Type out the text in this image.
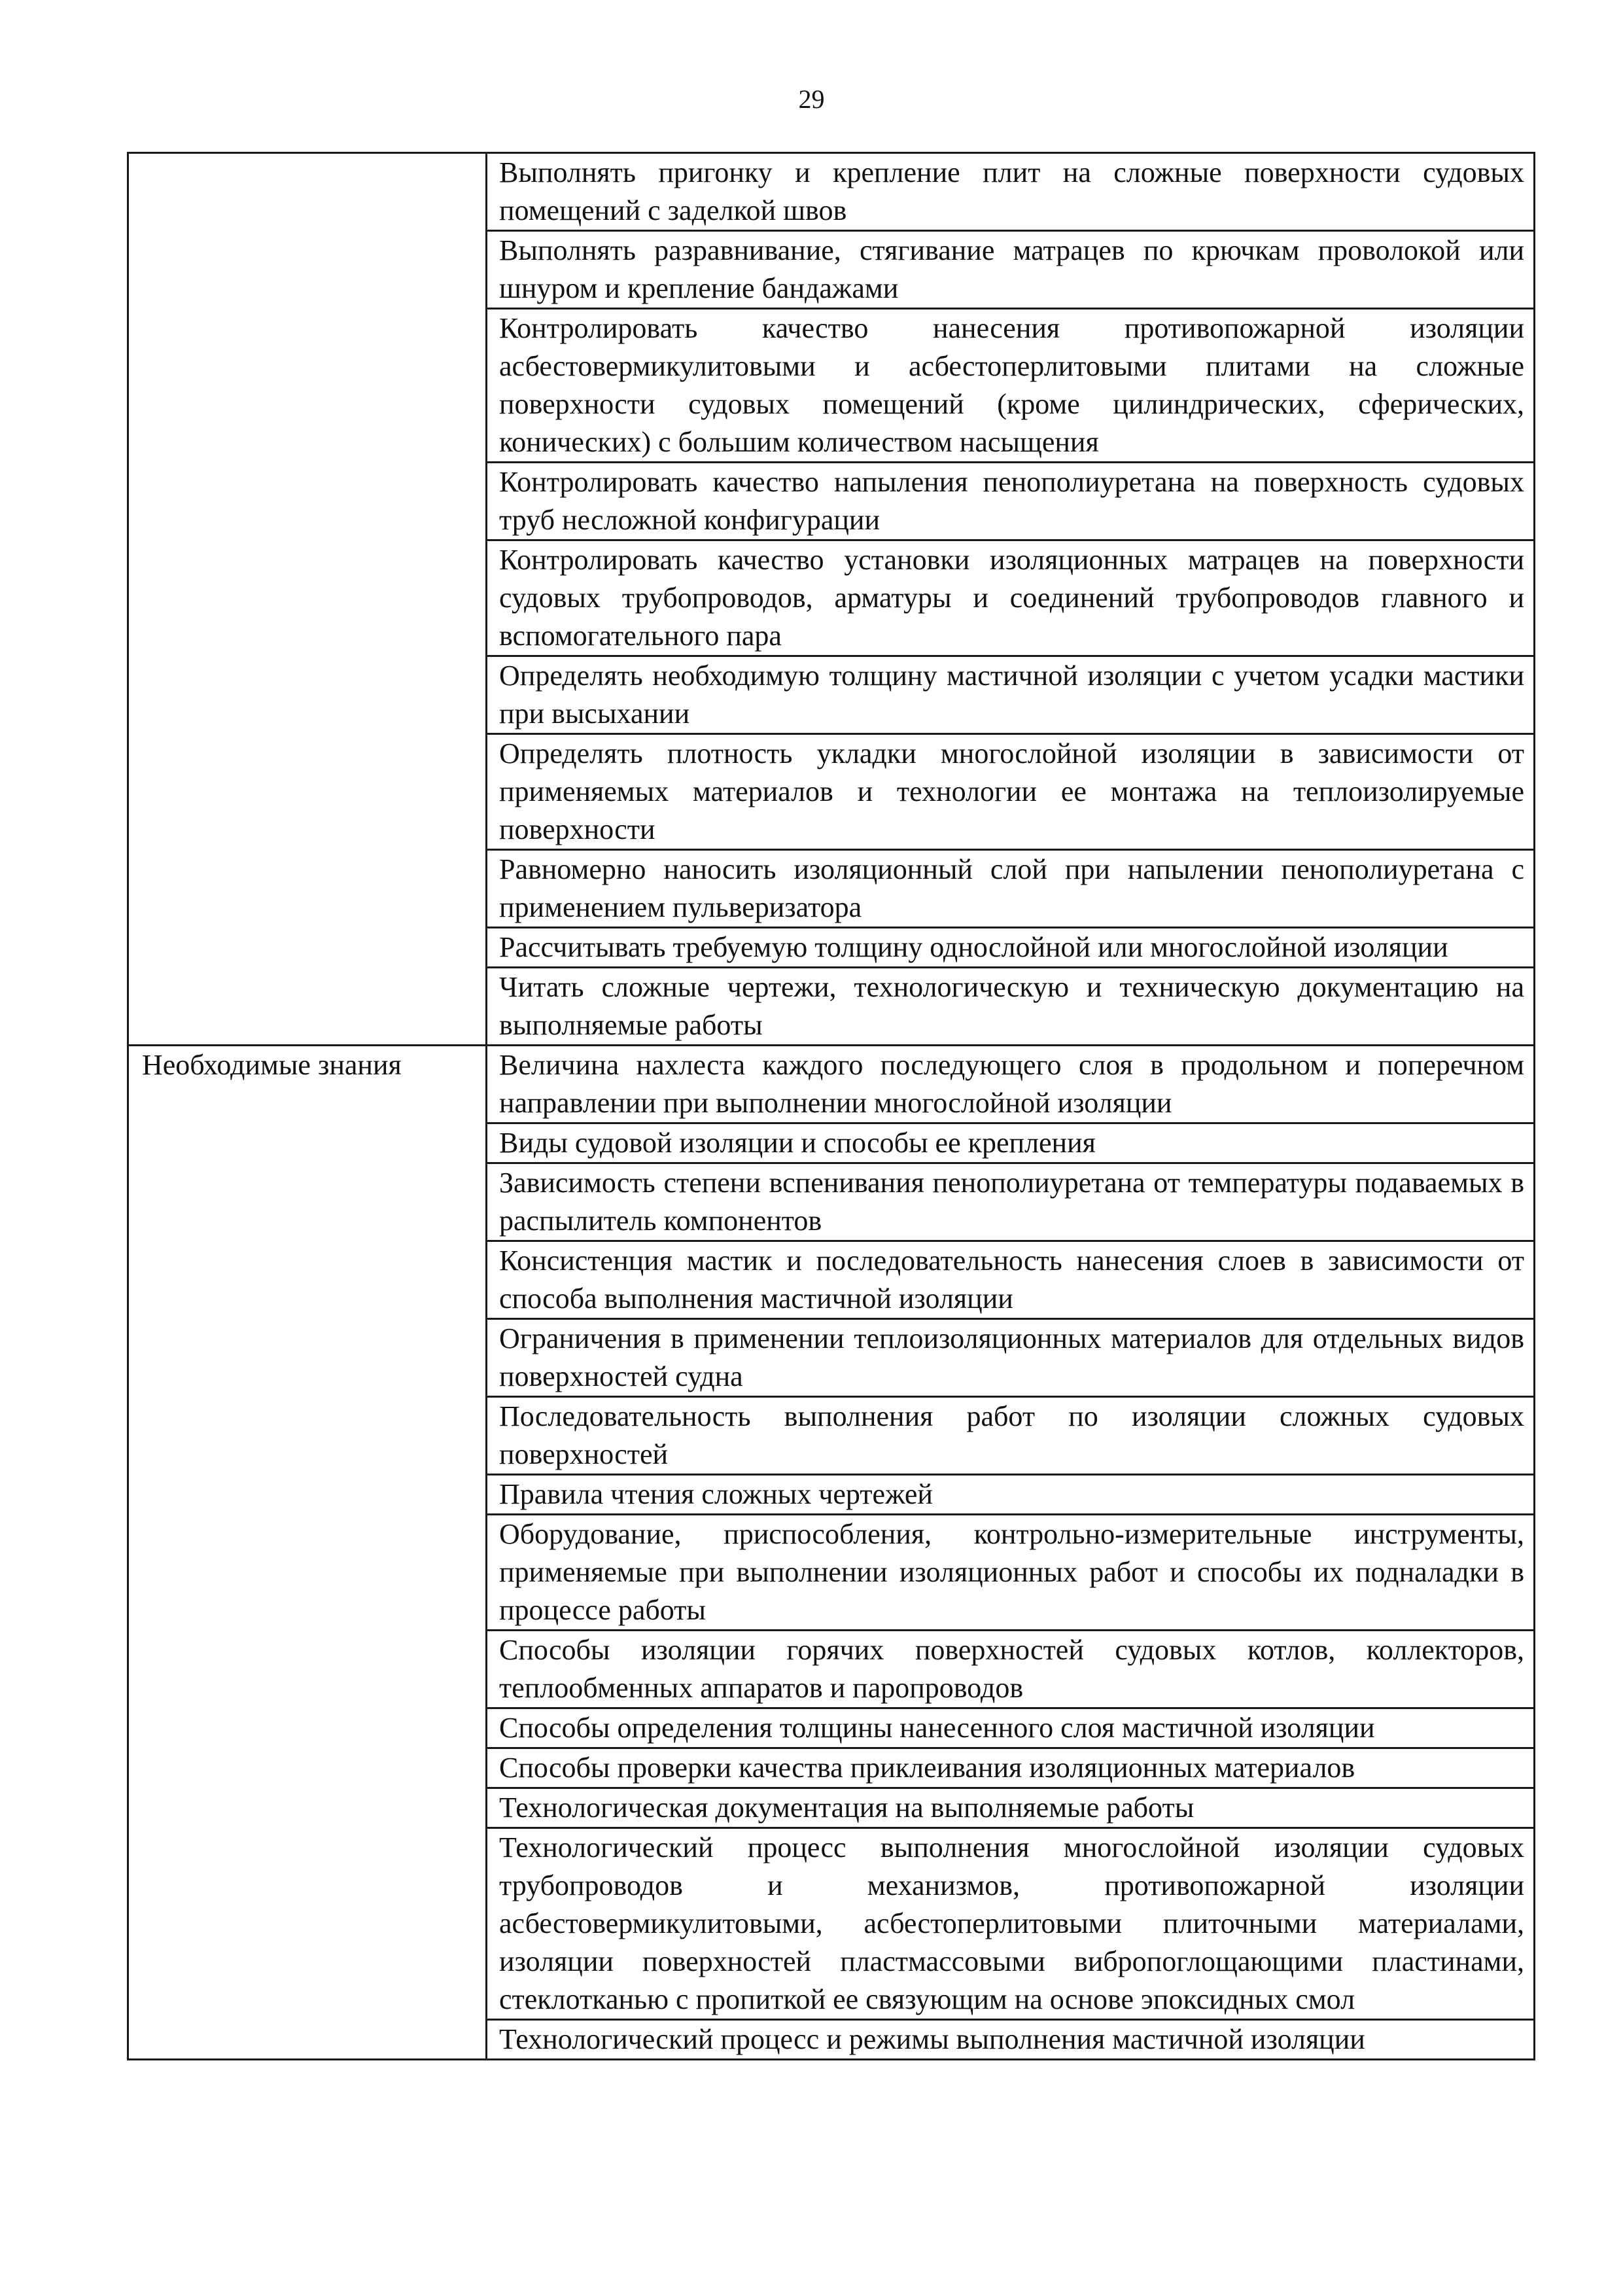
29
	Выполнять пригонку и крепление плит на сложные поверхности судовых помещений с заделкой швов
	Выполнять разравнивание, стягивание матрацев по крючкам проволокой или шнуром и крепление бандажами
	Контролировать качество нанесения противопожарной изоляции асбестовермикулитовыми и асбестоперлитовыми плитами на сложные поверхности судовых помещений (кроме цилиндрических, сферических, конических) с большим количеством насыщения
	Контролировать качество напыления пенополиуретана на поверхность судовых труб несложной конфигурации
	Контролировать качество установки изоляционных матрацев на поверхности судовых трубопроводов, арматуры и соединений трубопроводов главного и вспомогательного пара
	Определять необходимую толщину мастичной изоляции с учетом усадки мастики при высыхании
	Определять плотность укладки многослойной изоляции в зависимости от применяемых материалов и технологии ее монтажа на теплоизолируемые поверхности
	Равномерно наносить изоляционный слой при напылении пенополиуретана с применением пульверизатора
	Рассчитывать требуемую толщину однослойной или многослойной изоляции
	Читать сложные чертежи, технологическую и техническую документацию на выполняемые работы
Необходимые знания	Величина нахлеста каждого последующего слоя в продольном и поперечном направлении при выполнении многослойной изоляции
	Виды судовой изоляции и способы ее крепления
	Зависимость степени вспенивания пенополиуретана от температуры подаваемых в распылитель компонентов
	Консистенция мастик и последовательность нанесения слоев в зависимости от способа выполнения мастичной изоляции
	Ограничения в применении теплоизоляционных материалов для отдельных видов поверхностей судна
	Последовательность выполнения работ по изоляции сложных судовых поверхностей
	Правила чтения сложных чертежей
	Оборудование, приспособления, контрольно-измерительные инструменты, применяемые при выполнении изоляционных работ и способы их подналадки в процессе работы
	Способы изоляции горячих поверхностей судовых котлов, коллекторов, теплообменных аппаратов и паропроводов
	Способы определения толщины нанесенного слоя мастичной изоляции
	Способы проверки качества приклеивания изоляционных материалов
	Технологическая документация на выполняемые работы
	Технологический процесс выполнения многослойной изоляции судовых трубопроводов и механизмов, противопожарной изоляции асбестовермикулитовыми, асбестоперлитовыми плиточными материалами, изоляции поверхностей пластмассовыми вибропоглощающими пластинами, стеклотканью с пропиткой ее связующим на основе эпоксидных смол
	Технологический процесс и режимы выполнения мастичной изоляции
